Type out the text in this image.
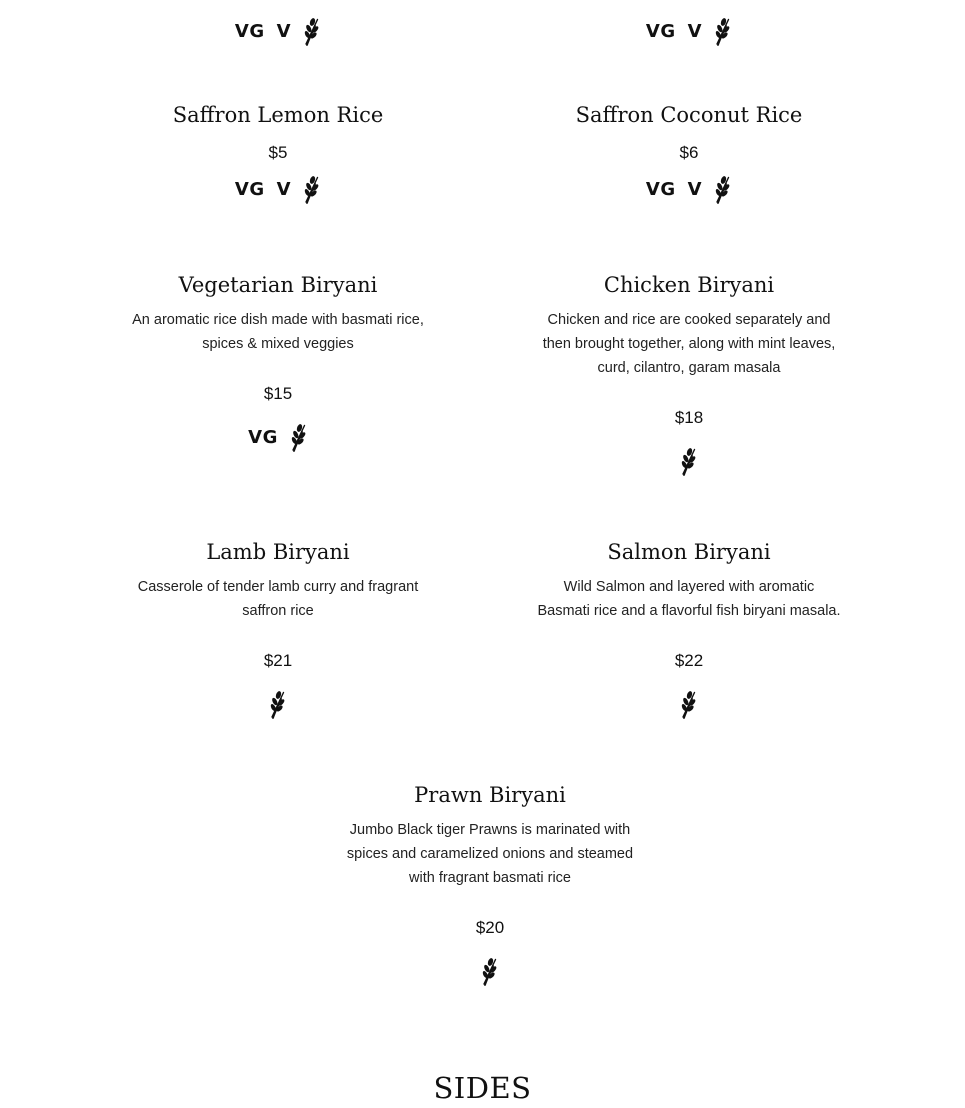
VG V	VG V
Saffron Lemon Rice
$5
VG V
Saffron Coconut Rice
$6
VG V
Vegetarian Biryani
An aromatic rice dish made with basmati rice, spices & mixed veggies
$15
VG
Chicken Biryani
Chicken and rice are cooked separately and then brought together, along with mint leaves, curd, cilantro, garam masala
$18
Lamb Biryani
Casserole of tender lamb curry and fragrant saffron rice
$21
Salmon Biryani
Wild Salmon and layered with aromatic Basmati rice and a flavorful fish biryani masala.
$22
Prawn Biryani
Jumbo Black tiger Prawns is marinated with spices and caramelized onions and steamed with fragrant basmati rice
$20
SIDES
